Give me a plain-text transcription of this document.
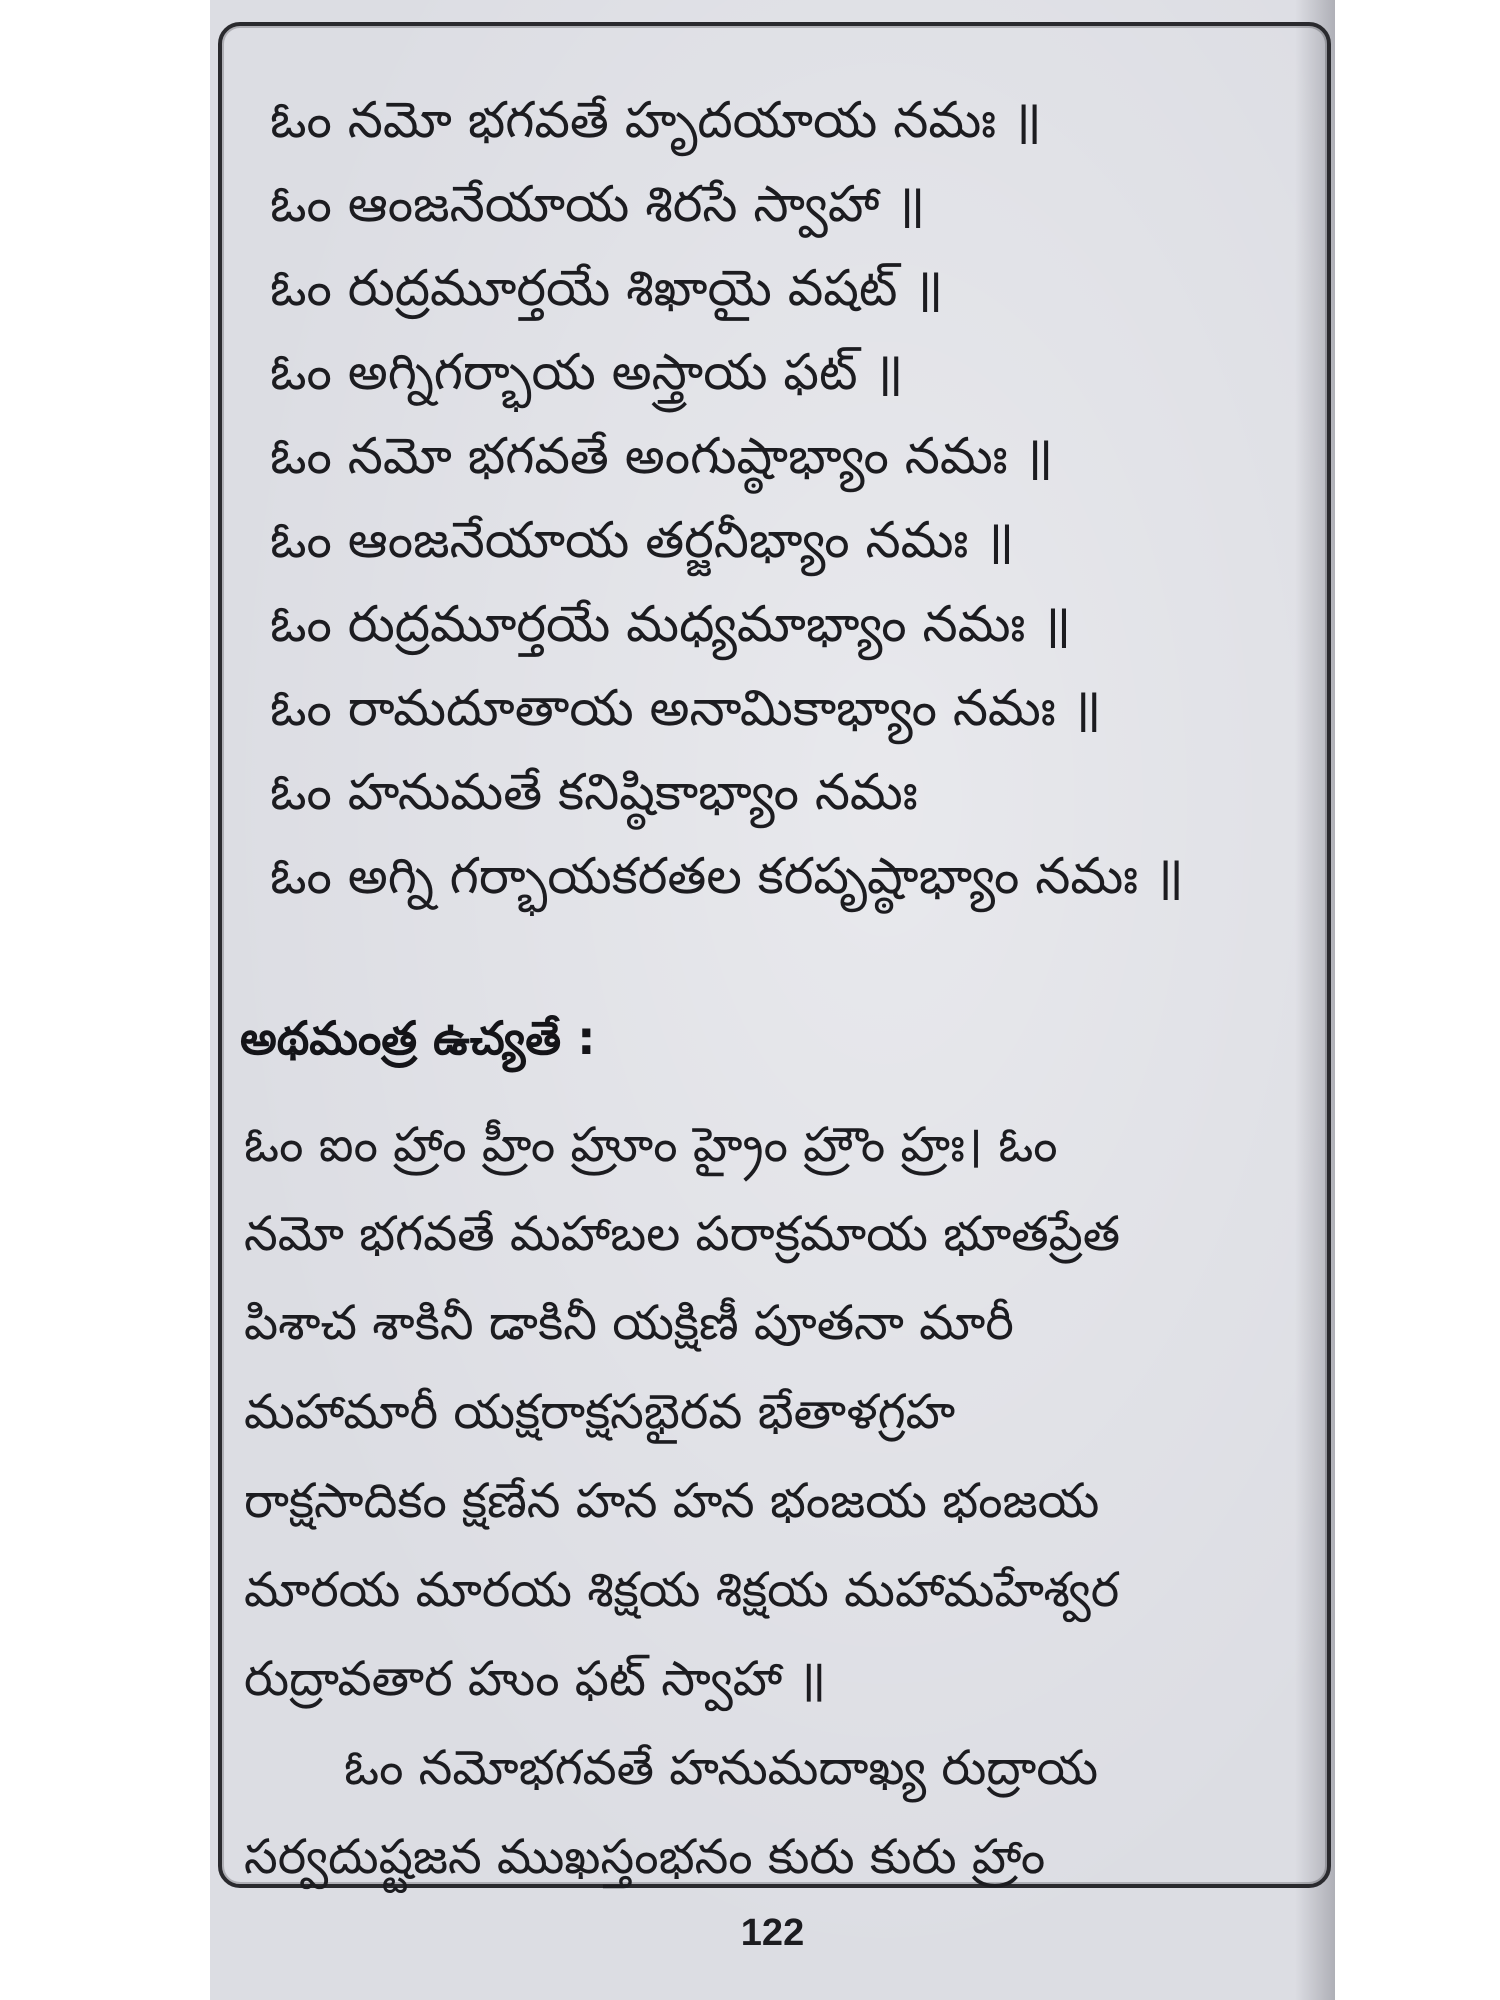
ఓం నమో భగవతే హృదయాయ నమః ॥
ఓం ఆంజనేయాయ శిరసే స్వాహా ॥
ఓం రుద్రమూర్తయే శిఖాయై వషట్ ॥
ఓం అగ్నిగర్భాయ అస్త్రాయ ఫట్ ॥
ఓం నమో భగవతే అంగుష్ఠాభ్యాం నమః ॥
ఓం ఆంజనేయాయ తర్జనీభ్యాం నమః ॥
ఓం రుద్రమూర్తయే మధ్యమాభ్యాం నమః ॥
ఓం రామదూతాయ అనామికాభ్యాం నమః ॥
ఓం హనుమతే కనిష్ఠికాభ్యాం నమః
ఓం అగ్ని గర్భాయకరతల కరపృష్ఠాభ్యాం నమః ॥
అథమంత్ర ఉచ్యతే :
ఓం ఐం హ్రాం హ్రీం హ్రూం హ్రైం హ్రౌం హ్రః। ఓం
నమో భగవతే మహాబల పరాక్రమాయ భూతప్రేత
పిశాచ శాకినీ డాకినీ యక్షిణీ పూతనా మారీ
మహామారీ యక్షరాక్షసభైరవ భేతాళగ్రహ
రాక్షసాదికం క్షణేన హన హన భంజయ భంజయ
మారయ మారయ శిక్షయ శిక్షయ మహామహేశ్వర
రుద్రావతార హుం ఫట్ స్వాహా ॥
ఓం నమోభగవతే హనుమదాఖ్య రుద్రాయ
సర్వదుష్టజన ముఖస్తంభనం కురు కురు హ్రాం
122
